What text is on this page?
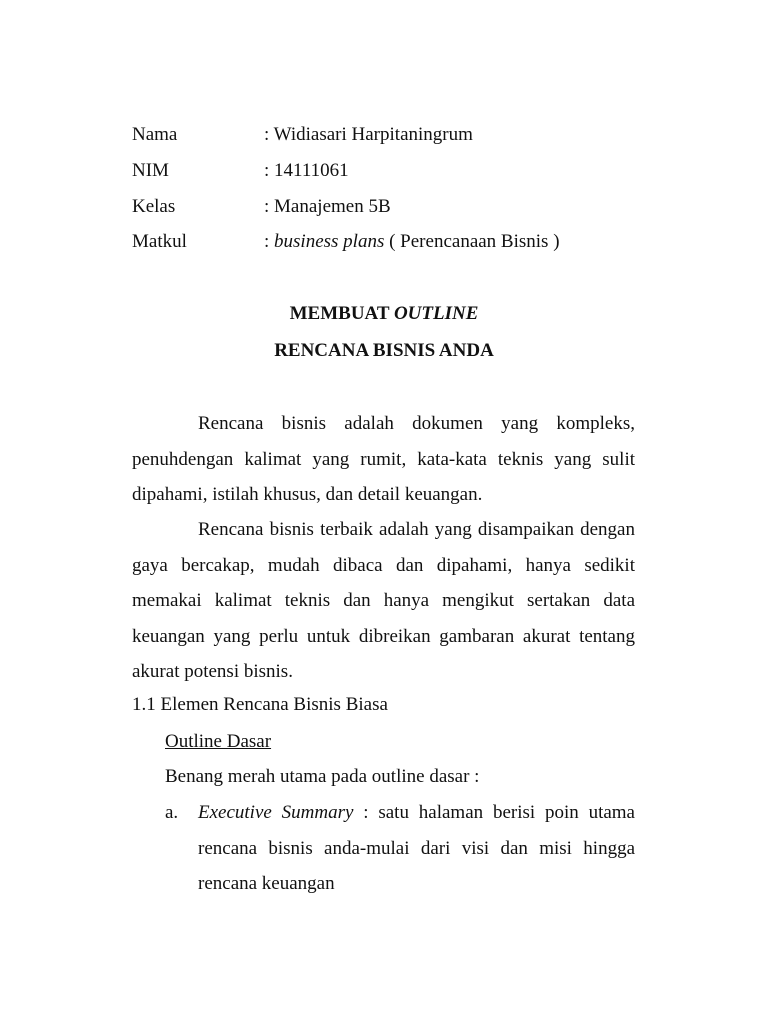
Nama	: Widiasari Harpitaningrum
NIM	: 14111061
Kelas	: Manajemen 5B
Matkul	: business plans ( Perencanaan Bisnis )
MEMBUAT OUTLINE
RENCANA BISNIS ANDA
Rencana bisnis adalah dokumen yang kompleks, penuhdengan kalimat yang rumit, kata-kata teknis yang sulit dipahami, istilah khusus, dan detail keuangan.
Rencana bisnis terbaik adalah yang disampaikan dengan gaya bercakap, mudah dibaca dan dipahami, hanya sedikit memakai kalimat teknis dan hanya mengikut sertakan data keuangan yang perlu untuk dibreikan gambaran akurat tentang akurat potensi bisnis.
1.1 Elemen Rencana Bisnis Biasa
Outline Dasar
Benang merah utama pada outline dasar :
a. Executive Summary : satu halaman berisi poin utama rencana bisnis anda-mulai dari visi dan misi hingga rencana keuangan
